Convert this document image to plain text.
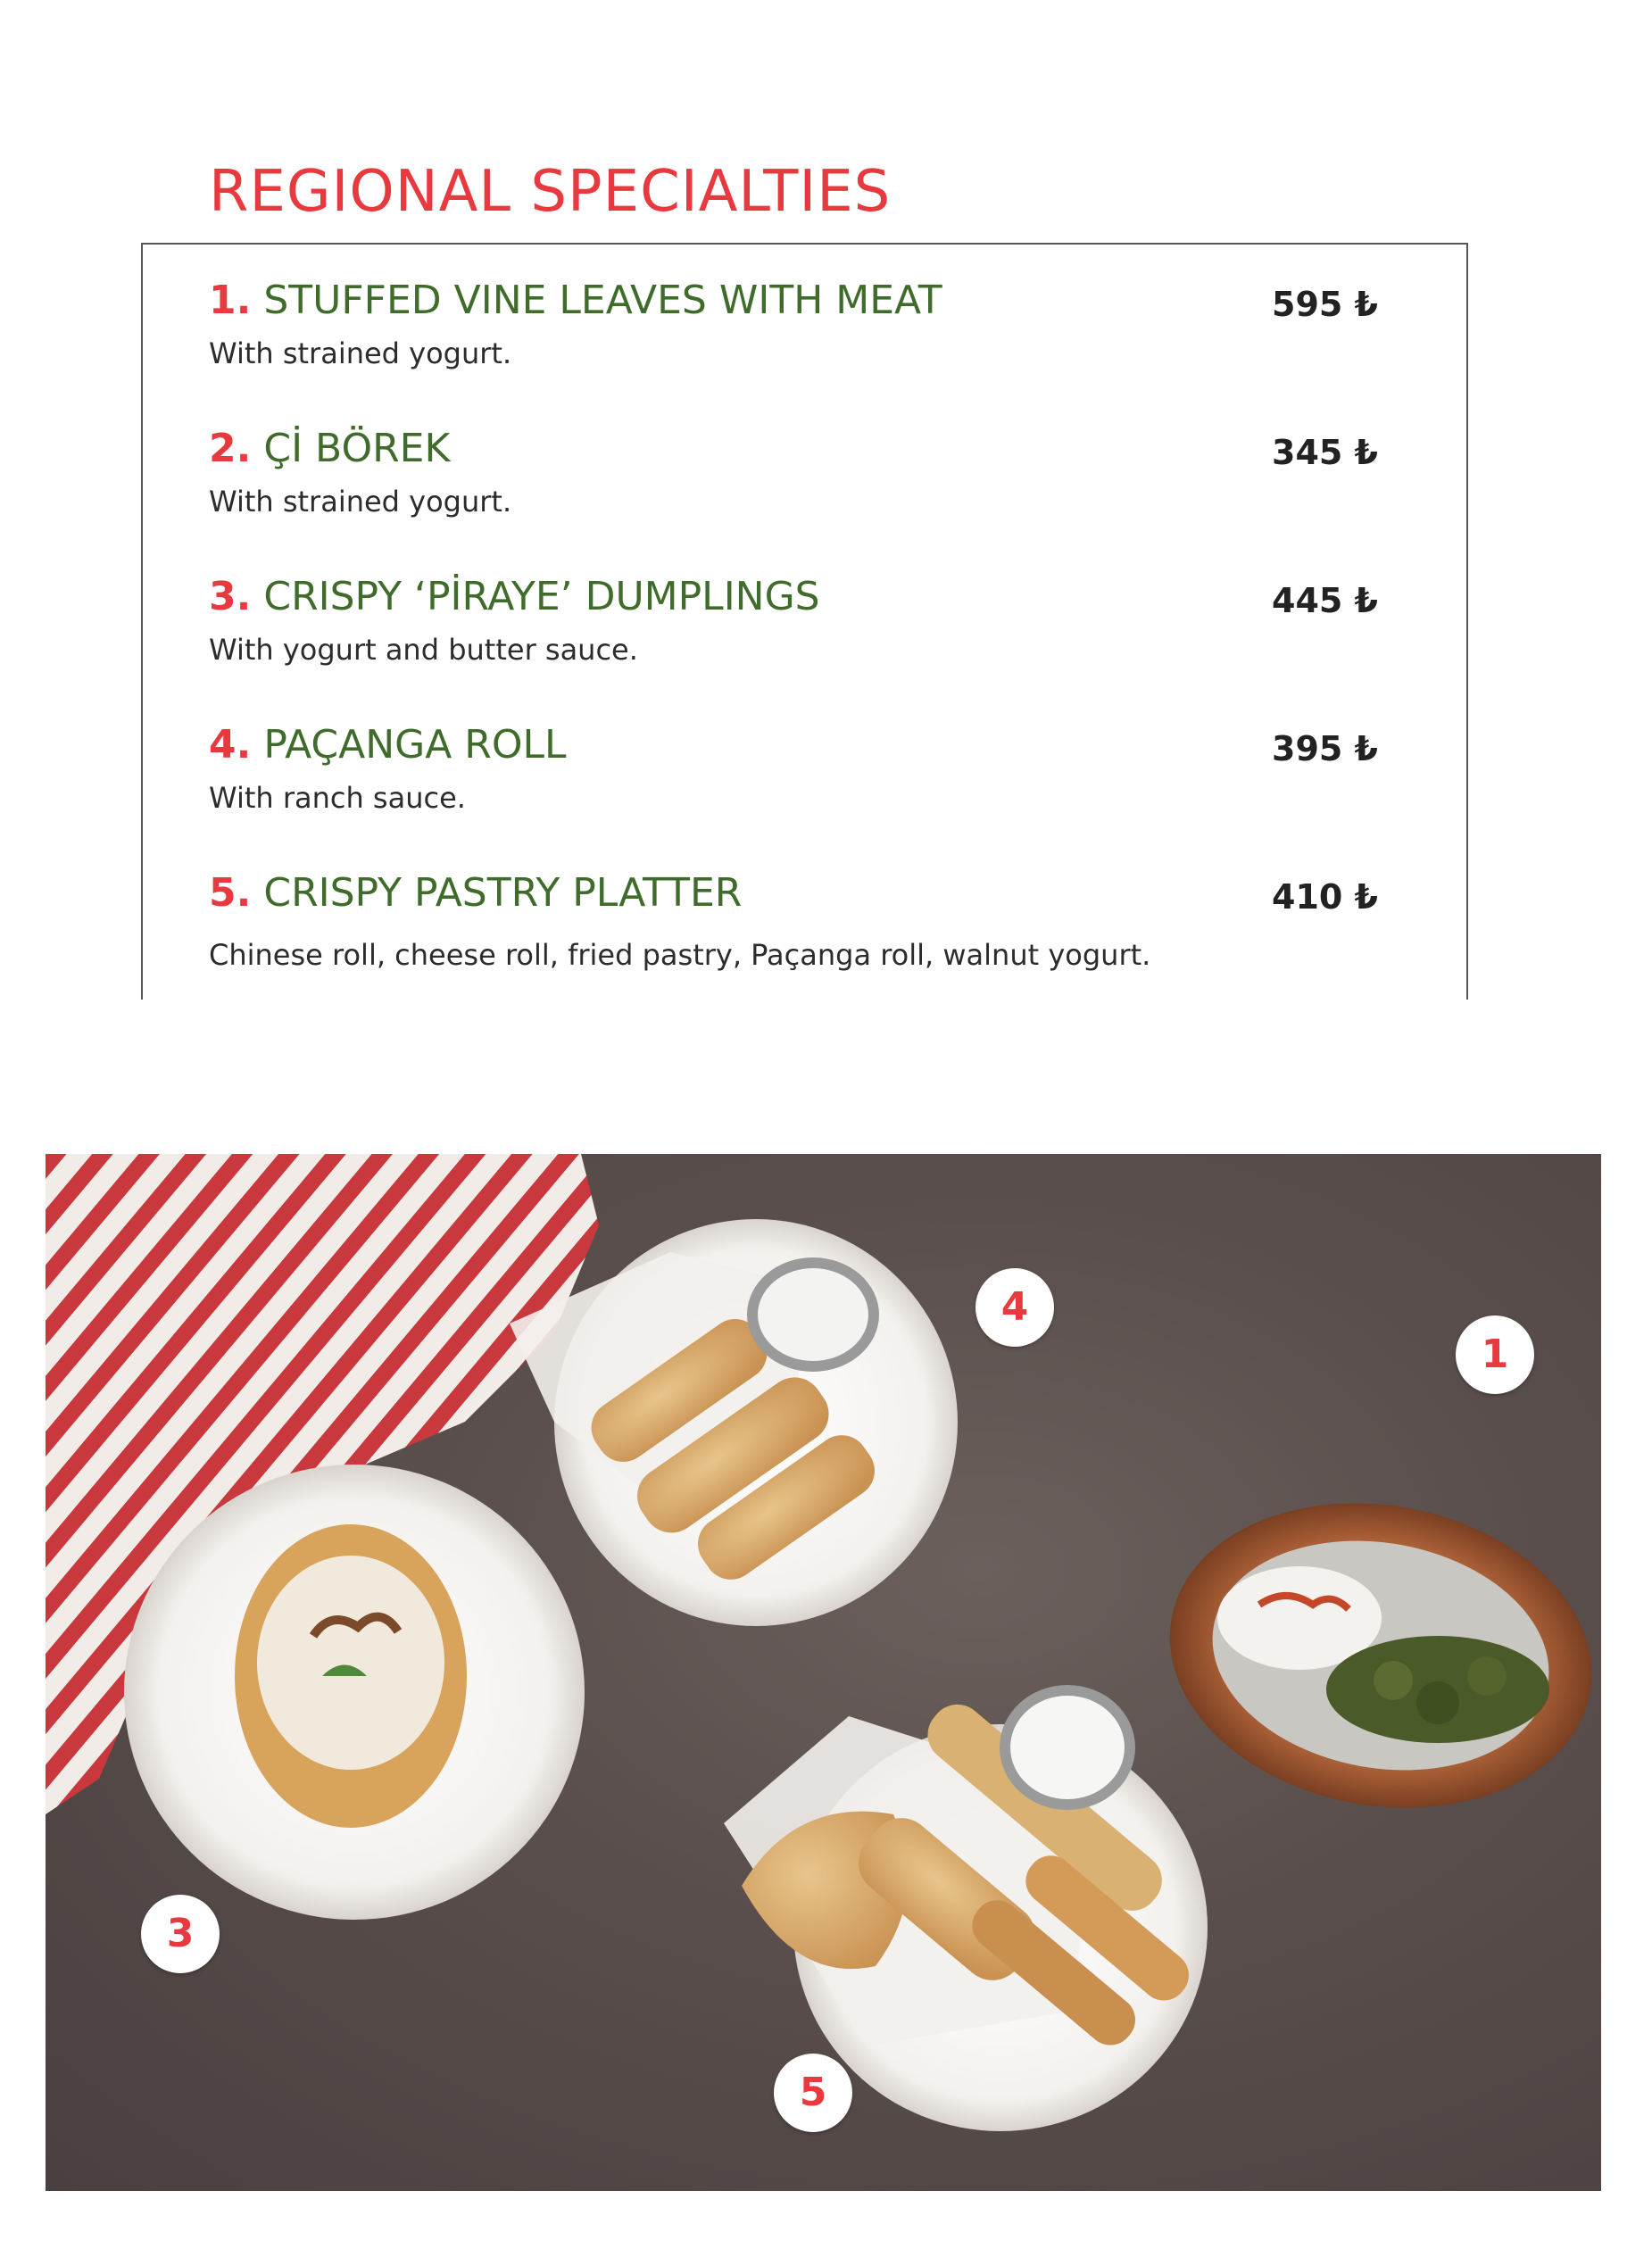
REGIONAL SPECIALTIES
1. STUFFED VINE LEAVES WITH MEAT	595 ₺
With strained yogurt.
2. Çİ BÖREK	345 ₺
With strained yogurt.
3. CRISPY ‘PİRAYE’ DUMPLINGS	445 ₺
With yogurt and butter sauce.
4. PAÇANGA ROLL	395 ₺
With ranch sauce.
5. CRISPY PASTRY PLATTER	410 ₺
Chinese roll, cheese roll, fried pastry, Paçanga roll, walnut yogurt.
1
3
4
5
